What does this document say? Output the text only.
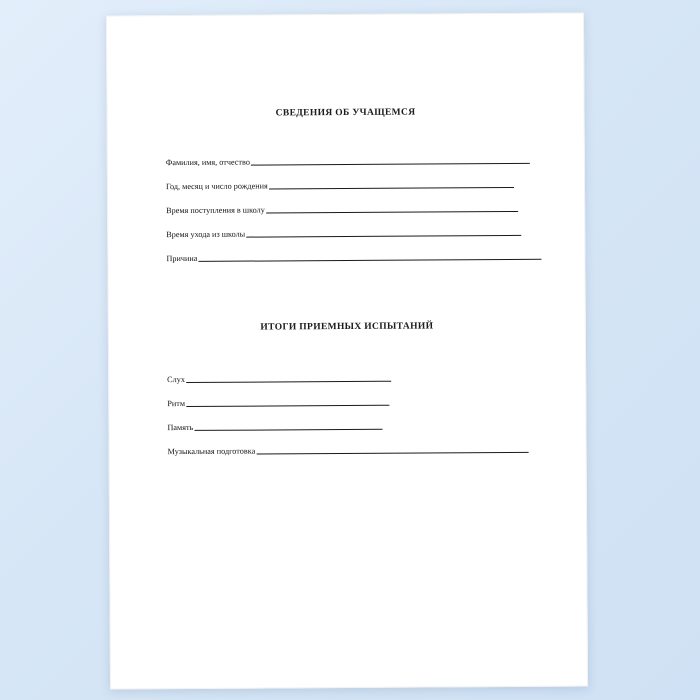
СВЕДЕНИЯ ОБ УЧАЩЕМСЯ
Фамилия, имя, отчество
Год, месяц и число рождения
Время поступления в школу
Время ухода из школы
Причина
ИТОГИ ПРИЕМНЫХ ИСПЫТАНИЙ
Слух
Ритм
Память
Музыкальная подготовка
